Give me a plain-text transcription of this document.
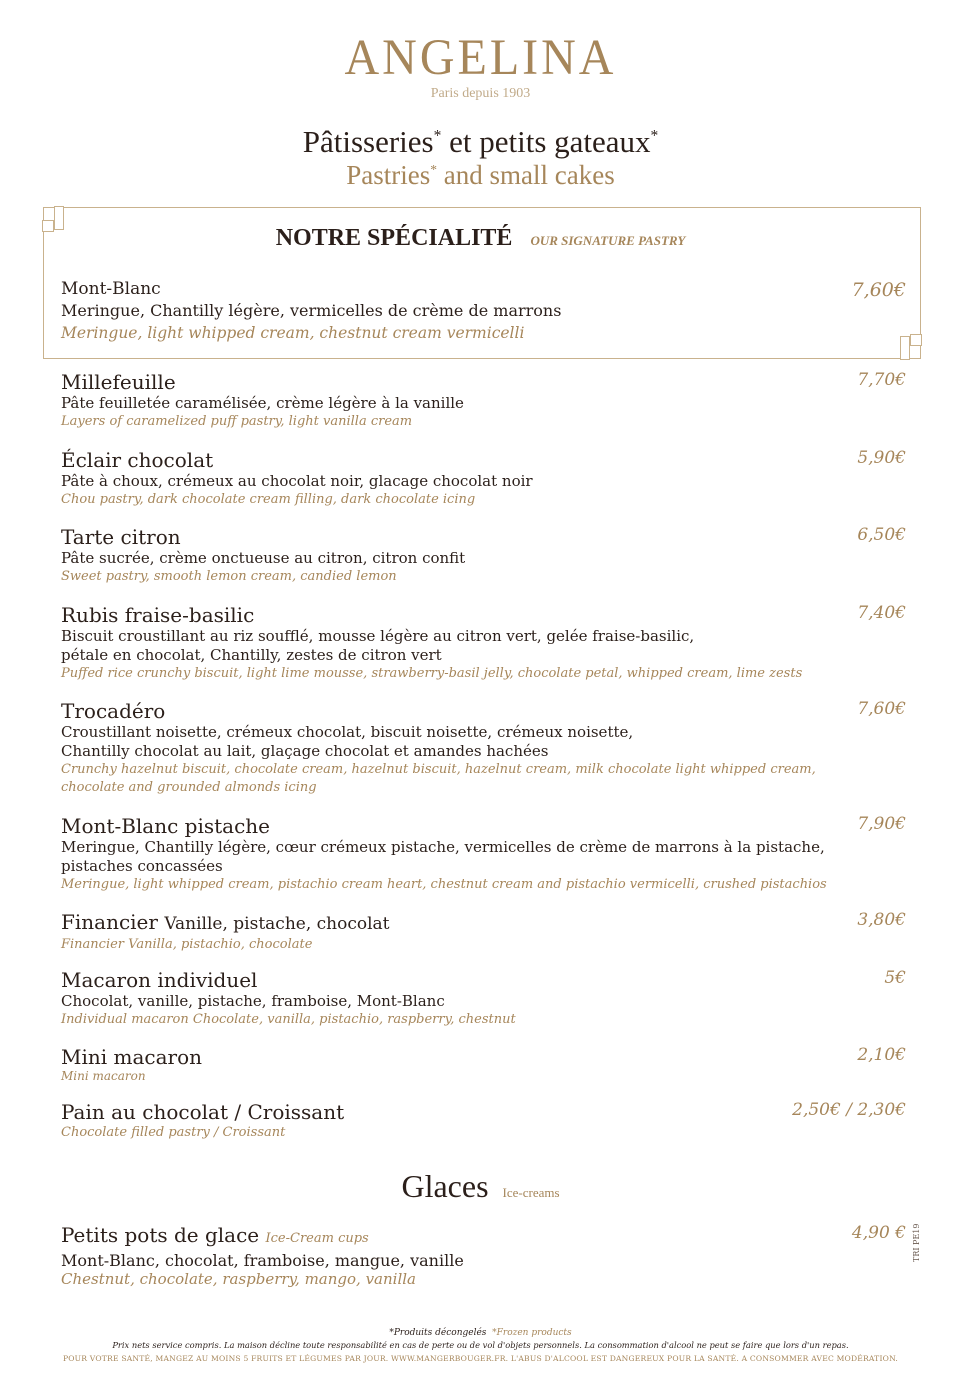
ANGELINA
Paris depuis 1903
Pâtisseries* et petits gateaux*
Pastries* and small cakes
NOTRE SPÉCIALITÉ OUR SIGNATURE PASTRY
Mont-Blanc
Meringue, Chantilly légère, vermicelles de crème de marrons
Meringue, light whipped cream, chestnut cream vermicelli
7,60€
Millefeuille
Pâte feuilletée caramélisée, crème légère à la vanille
Layers of caramelized puff pastry, light vanilla cream
7,70€
Éclair chocolat
Pâte à choux, crémeux au chocolat noir, glacage chocolat noir
Chou pastry, dark chocolate cream filling, dark chocolate icing
5,90€
Tarte citron
Pâte sucrée, crème onctueuse au citron, citron confit
Sweet pastry, smooth lemon cream, candied lemon
6,50€
Rubis fraise-basilic
Biscuit croustillant au riz soufflé, mousse légère au citron vert, gelée fraise-basilic,
pétale en chocolat, Chantilly, zestes de citron vert
Puffed rice crunchy biscuit, light lime mousse, strawberry-basil jelly, chocolate petal, whipped cream, lime zests
7,40€
Trocadéro
Croustillant noisette, crémeux chocolat, biscuit noisette, crémeux noisette,
Chantilly chocolat au lait, glaçage chocolat et amandes hachées
Crunchy hazelnut biscuit, chocolate cream, hazelnut biscuit, hazelnut cream, milk chocolate light whipped cream,
chocolate and grounded almonds icing
7,60€
Mont-Blanc pistache
Meringue, Chantilly légère, cœur crémeux pistache, vermicelles de crème de marrons à la pistache,
pistaches concassées
Meringue, light whipped cream, pistachio cream heart, chestnut cream and pistachio vermicelli, crushed pistachios
7,90€
Financier Vanille, pistache, chocolat
Financier Vanilla, pistachio, chocolate
3,80€
Macaron individuel
Chocolat, vanille, pistache, framboise, Mont-Blanc
Individual macaron Chocolate, vanilla, pistachio, raspberry, chestnut
5€
Mini macaron
Mini macaron
2,10€
Pain au chocolat / Croissant
Chocolate filled pastry / Croissant
2,50€ / 2,30€
Glaces Ice-creams
Petits pots de glace Ice-Cream cups
Mont-Blanc, chocolat, framboise, mangue, vanille
Chestnut, chocolate, raspberry, mango, vanilla
4,90 € TRI PE19
*Produits décongelés *Frozen products
Prix nets service compris. La maison décline toute responsabilité en cas de perte ou de vol d'objets personnels. La consommation d'alcool ne peut se faire que lors d'un repas.
POUR VOTRE SANTÉ, MANGEZ AU MOINS 5 FRUITS ET LÉGUMES PAR JOUR. WWW.MANGERBOUGER.FR. L'ABUS D'ALCOOL EST DANGEREUX POUR LA SANTÉ. A CONSOMMER AVEC MODÉRATION.
